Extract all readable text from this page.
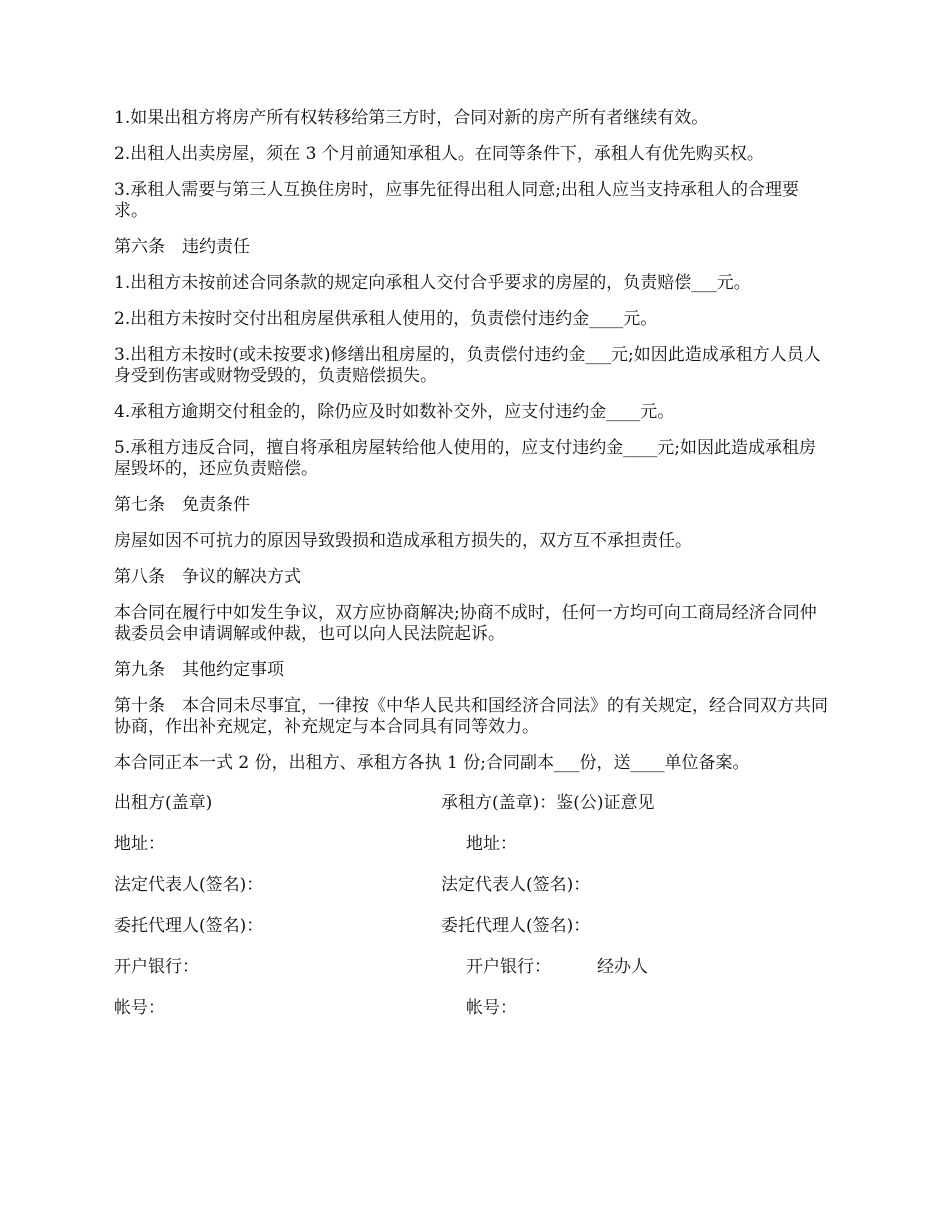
1.如果出租方将房产所有权转移给第三方时，合同对新的房产所有者继续有效。

2.出租人出卖房屋，须在 3 个月前通知承租人。在同等条件下，承租人有优先购买权。

3.承租人需要与第三人互换住房时，应事先征得出租人同意;出租人应当支持承租人的合理要求。

第六条　违约责任

1.出租方未按前述合同条款的规定向承租人交付合乎要求的房屋的，负责赔偿___元。

2.出租方未按时交付出租房屋供承租人使用的，负责偿付违约金____元。

3.出租方未按时(或未按要求)修缮出租房屋的，负责偿付违约金___元;如因此造成承租方人员人身受到伤害或财物受毁的，负责赔偿损失。

4.承租方逾期交付租金的，除仍应及时如数补交外，应支付违约金____元。

5.承租方违反合同，擅自将承租房屋转给他人使用的，应支付违约金____元;如因此造成承租房屋毁坏的，还应负责赔偿。

第七条　免责条件

房屋如因不可抗力的原因导致毁损和造成承租方损失的，双方互不承担责任。

第八条　争议的解决方式

本合同在履行中如发生争议，双方应协商解决;协商不成时，任何一方均可向工商局经济合同仲裁委员会申请调解或仲裁，也可以向人民法院起诉。

第九条　其他约定事项

第十条　本合同未尽事宜，一律按《中华人民共和国经济合同法》的有关规定，经合同双方共同协商，作出补充规定，补充规定与本合同具有同等效力。

本合同正本一式 2 份，出租方、承租方各执 1 份;合同副本___份，送____单位备案。

出租方(盖章)	承租方(盖章)：鉴(公)证意见
地址：	地址：
法定代表人(签名)：	法定代表人(签名)：
委托代理人(签名)：	委托代理人(签名)：
开户银行：	开户银行：	经办人
帐号：	帐号：
